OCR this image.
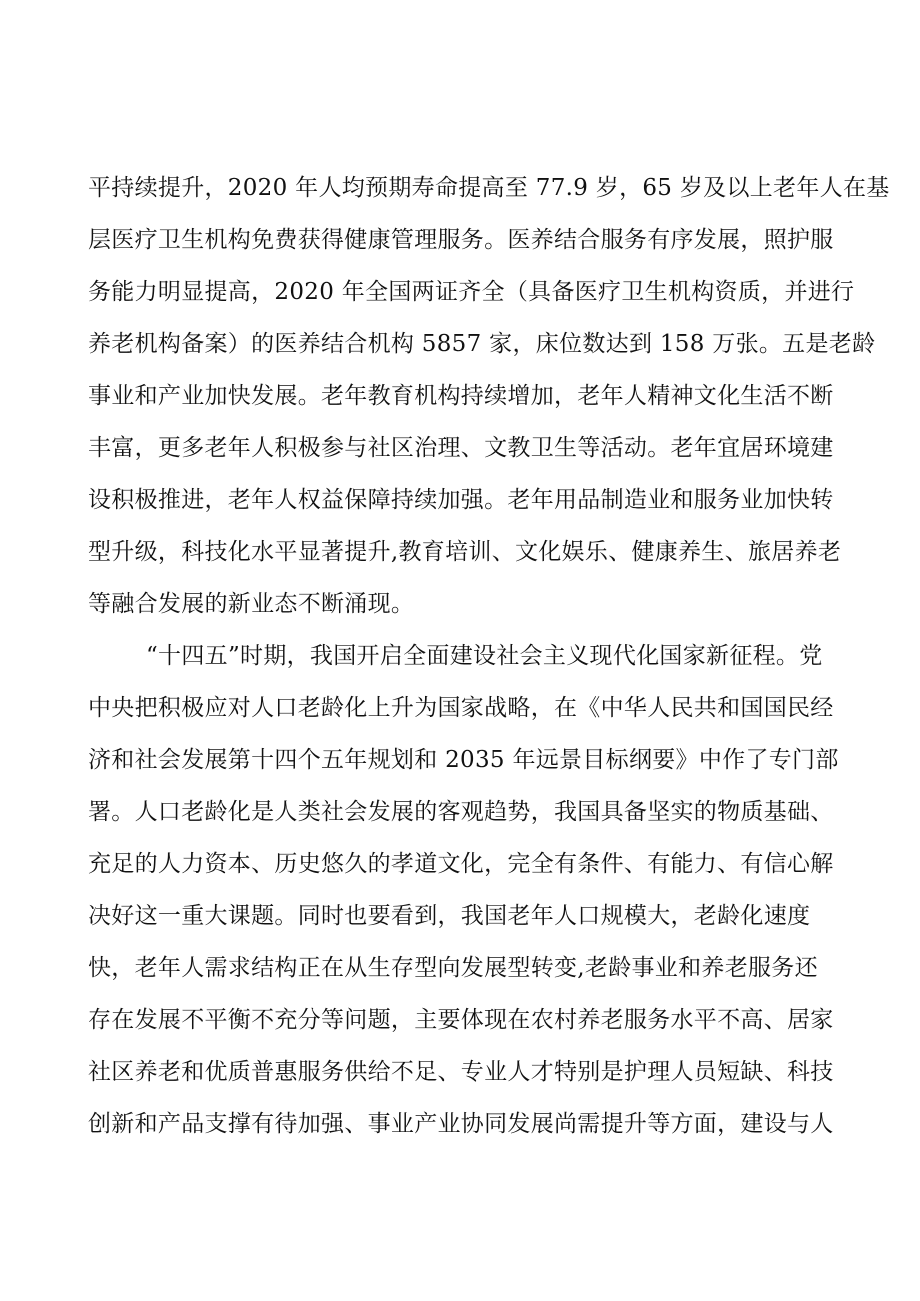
平持续提升，2020 年人均预期寿命提高至 77.9 岁，65 岁及以上老年人在基
层医疗卫生机构免费获得健康管理服务。医养结合服务有序发展，照护服
务能力明显提高，2020 年全国两证齐全（具备医疗卫生机构资质，并进行
养老机构备案）的医养结合机构 5857 家，床位数达到 158 万张。五是老龄
事业和产业加快发展。老年教育机构持续增加，老年人精神文化生活不断
丰富，更多老年人积极参与社区治理、文教卫生等活动。老年宜居环境建
设积极推进，老年人权益保障持续加强。老年用品制造业和服务业加快转
型升级，科技化水平显著提升,教育培训、文化娱乐、健康养生、旅居养老
等融合发展的新业态不断涌现。
“十四五”时期，我国开启全面建设社会主义现代化国家新征程。党
中央把积极应对人口老龄化上升为国家战略，在《中华人民共和国国民经
济和社会发展第十四个五年规划和 2035 年远景目标纲要》中作了专门部
署。人口老龄化是人类社会发展的客观趋势，我国具备坚实的物质基础、
充足的人力资本、历史悠久的孝道文化，完全有条件、有能力、有信心解
决好这一重大课题。同时也要看到，我国老年人口规模大，老龄化速度
快，老年人需求结构正在从生存型向发展型转变,老龄事业和养老服务还
存在发展不平衡不充分等问题，主要体现在农村养老服务水平不高、居家
社区养老和优质普惠服务供给不足、专业人才特别是护理人员短缺、科技
创新和产品支撑有待加强、事业产业协同发展尚需提升等方面，建设与人
